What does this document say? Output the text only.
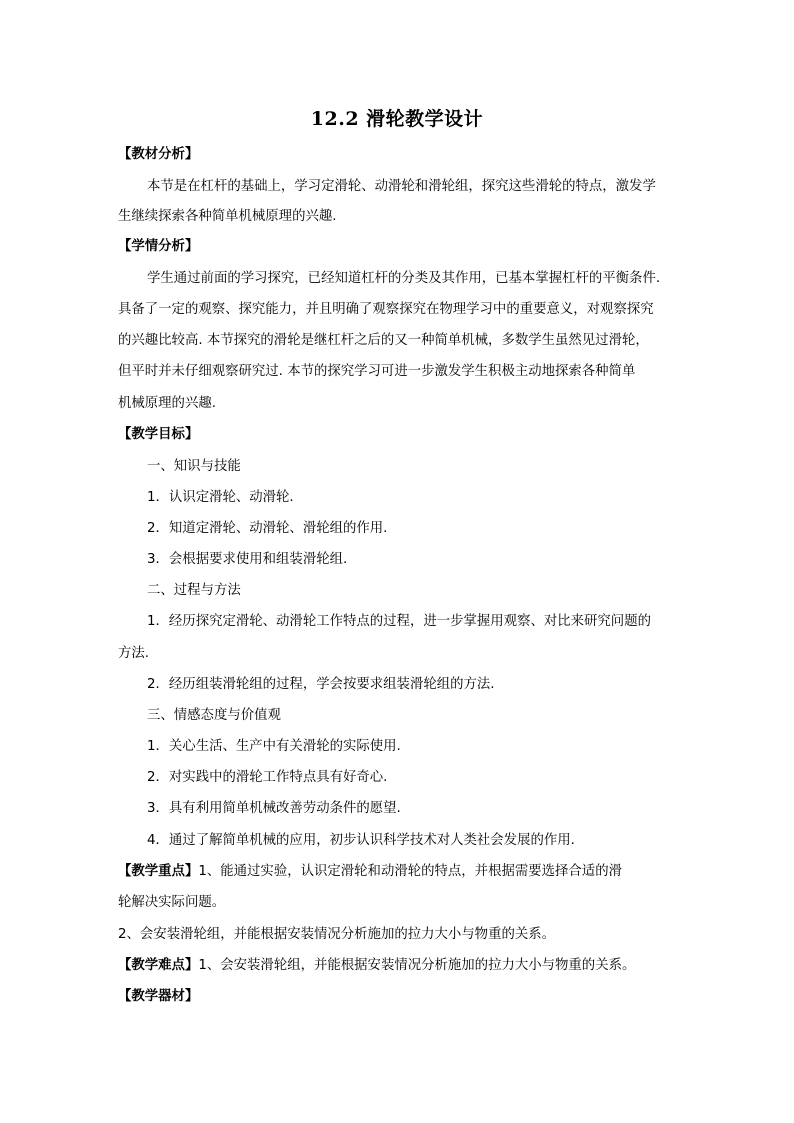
12.2 滑轮教学设计
【教材分析】
本节是在杠杆的基础上，学习定滑轮、动滑轮和滑轮组，探究这些滑轮的特点，激发学
生继续探索各种简单机械原理的兴趣.
【学情分析】
学生通过前面的学习探究，已经知道杠杆的分类及其作用，已基本掌握杠杆的平衡条件.
具备了一定的观察、探究能力，并且明确了观察探究在物理学习中的重要意义，对观察探究
的兴趣比较高. 本节探究的滑轮是继杠杆之后的又一种简单机械，多数学生虽然见过滑轮，
但平时并未仔细观察研究过. 本节的探究学习可进一步激发学生积极主动地探索各种简单
机械原理的兴趣.
【教学目标】
一、知识与技能
1．认识定滑轮、动滑轮.
2．知道定滑轮、动滑轮、滑轮组的作用.
3．会根据要求使用和组装滑轮组.
二、过程与方法
1．经历探究定滑轮、动滑轮工作特点的过程，进一步掌握用观察、对比来研究问题的
方法.
2．经历组装滑轮组的过程，学会按要求组装滑轮组的方法.
三、情感态度与价值观
1．关心生活、生产中有关滑轮的实际使用.
2．对实践中的滑轮工作特点具有好奇心.
3．具有利用简单机械改善劳动条件的愿望.
4．通过了解简单机械的应用，初步认识科学技术对人类社会发展的作用.
【教学重点】1、能通过实验，认识定滑轮和动滑轮的特点，并根据需要选择合适的滑
轮解决实际问题。
2、会安装滑轮组，并能根据安装情况分析施加的拉力大小与物重的关系。
【教学难点】1、会安装滑轮组，并能根据安装情况分析施加的拉力大小与物重的关系。
【教学器材】
